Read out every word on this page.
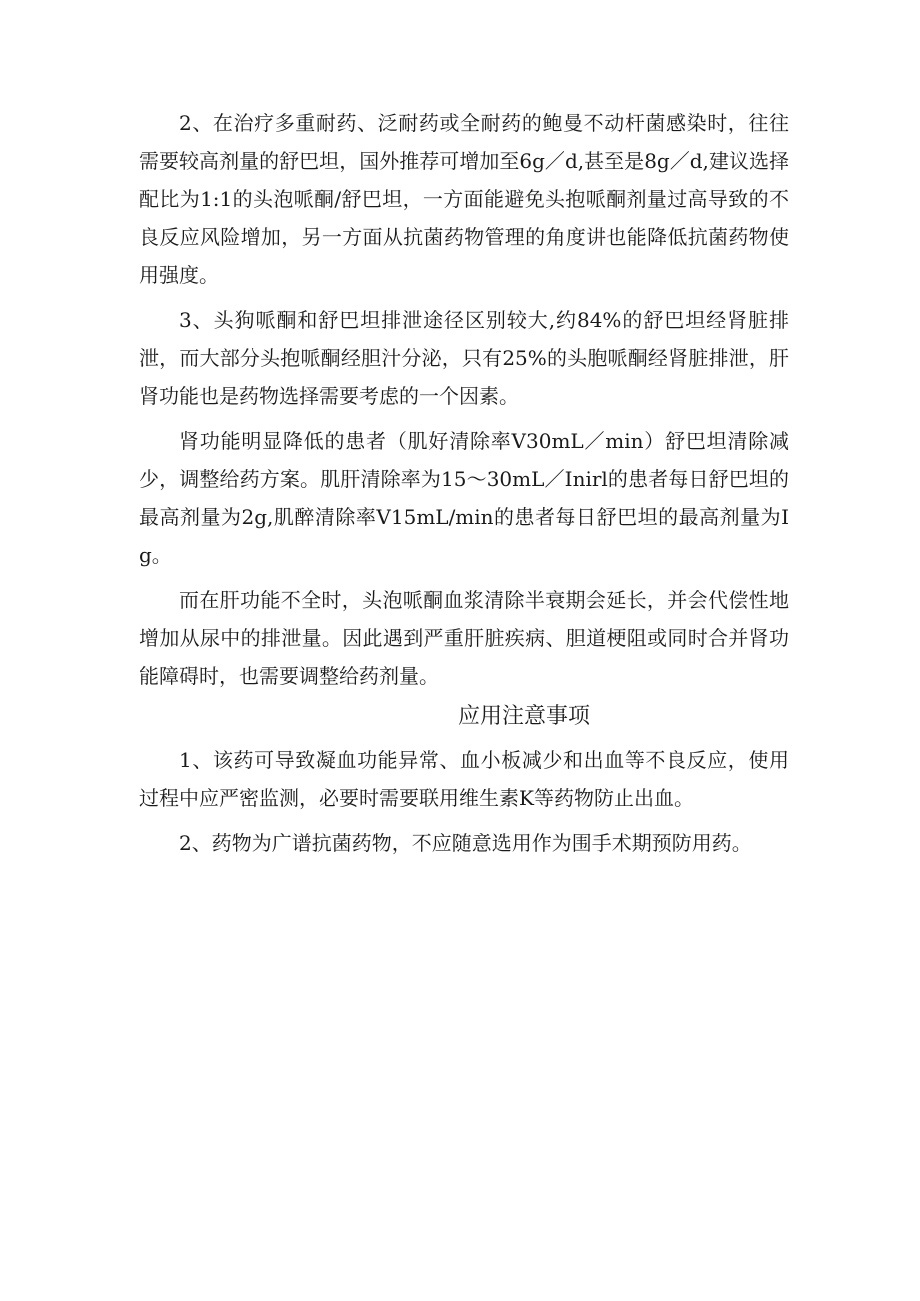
2、在治疗多重耐药、泛耐药或全耐药的鲍曼不动杆菌感染时，往往需要较高剂量的舒巴坦，国外推荐可增加至6g／d,甚至是8g／d,建议选择配比为1:1的头泡哌酮/舒巴坦，一方面能避免头抱哌酮剂量过高导致的不良反应风险增加，另一方面从抗菌药物管理的角度讲也能降低抗菌药物使用强度。

3、头狗哌酮和舒巴坦排泄途径区别较大,约84%的舒巴坦经肾脏排泄，而大部分头抱哌酮经胆汁分泌，只有25%的头胞哌酮经肾脏排泄，肝肾功能也是药物选择需要考虑的一个因素。

肾功能明显降低的患者（肌好清除率V30mL／min）舒巴坦清除减少，调整给药方案。肌肝清除率为15～30mL／Inirl的患者每日舒巴坦的最高剂量为2g,肌醉清除率V15mL/min的患者每日舒巴坦的最高剂量为Ig。

而在肝功能不全时，头泡哌酮血浆清除半衰期会延长，并会代偿性地增加从尿中的排泄量。因此遇到严重肝脏疾病、胆道梗阻或同时合并肾功能障碍时，也需要调整给药剂量。

应用注意事项

1、该药可导致凝血功能异常、血小板减少和出血等不良反应，使用过程中应严密监测，必要时需要联用维生素K等药物防止出血。

2、药物为广谱抗菌药物，不应随意选用作为围手术期预防用药。
